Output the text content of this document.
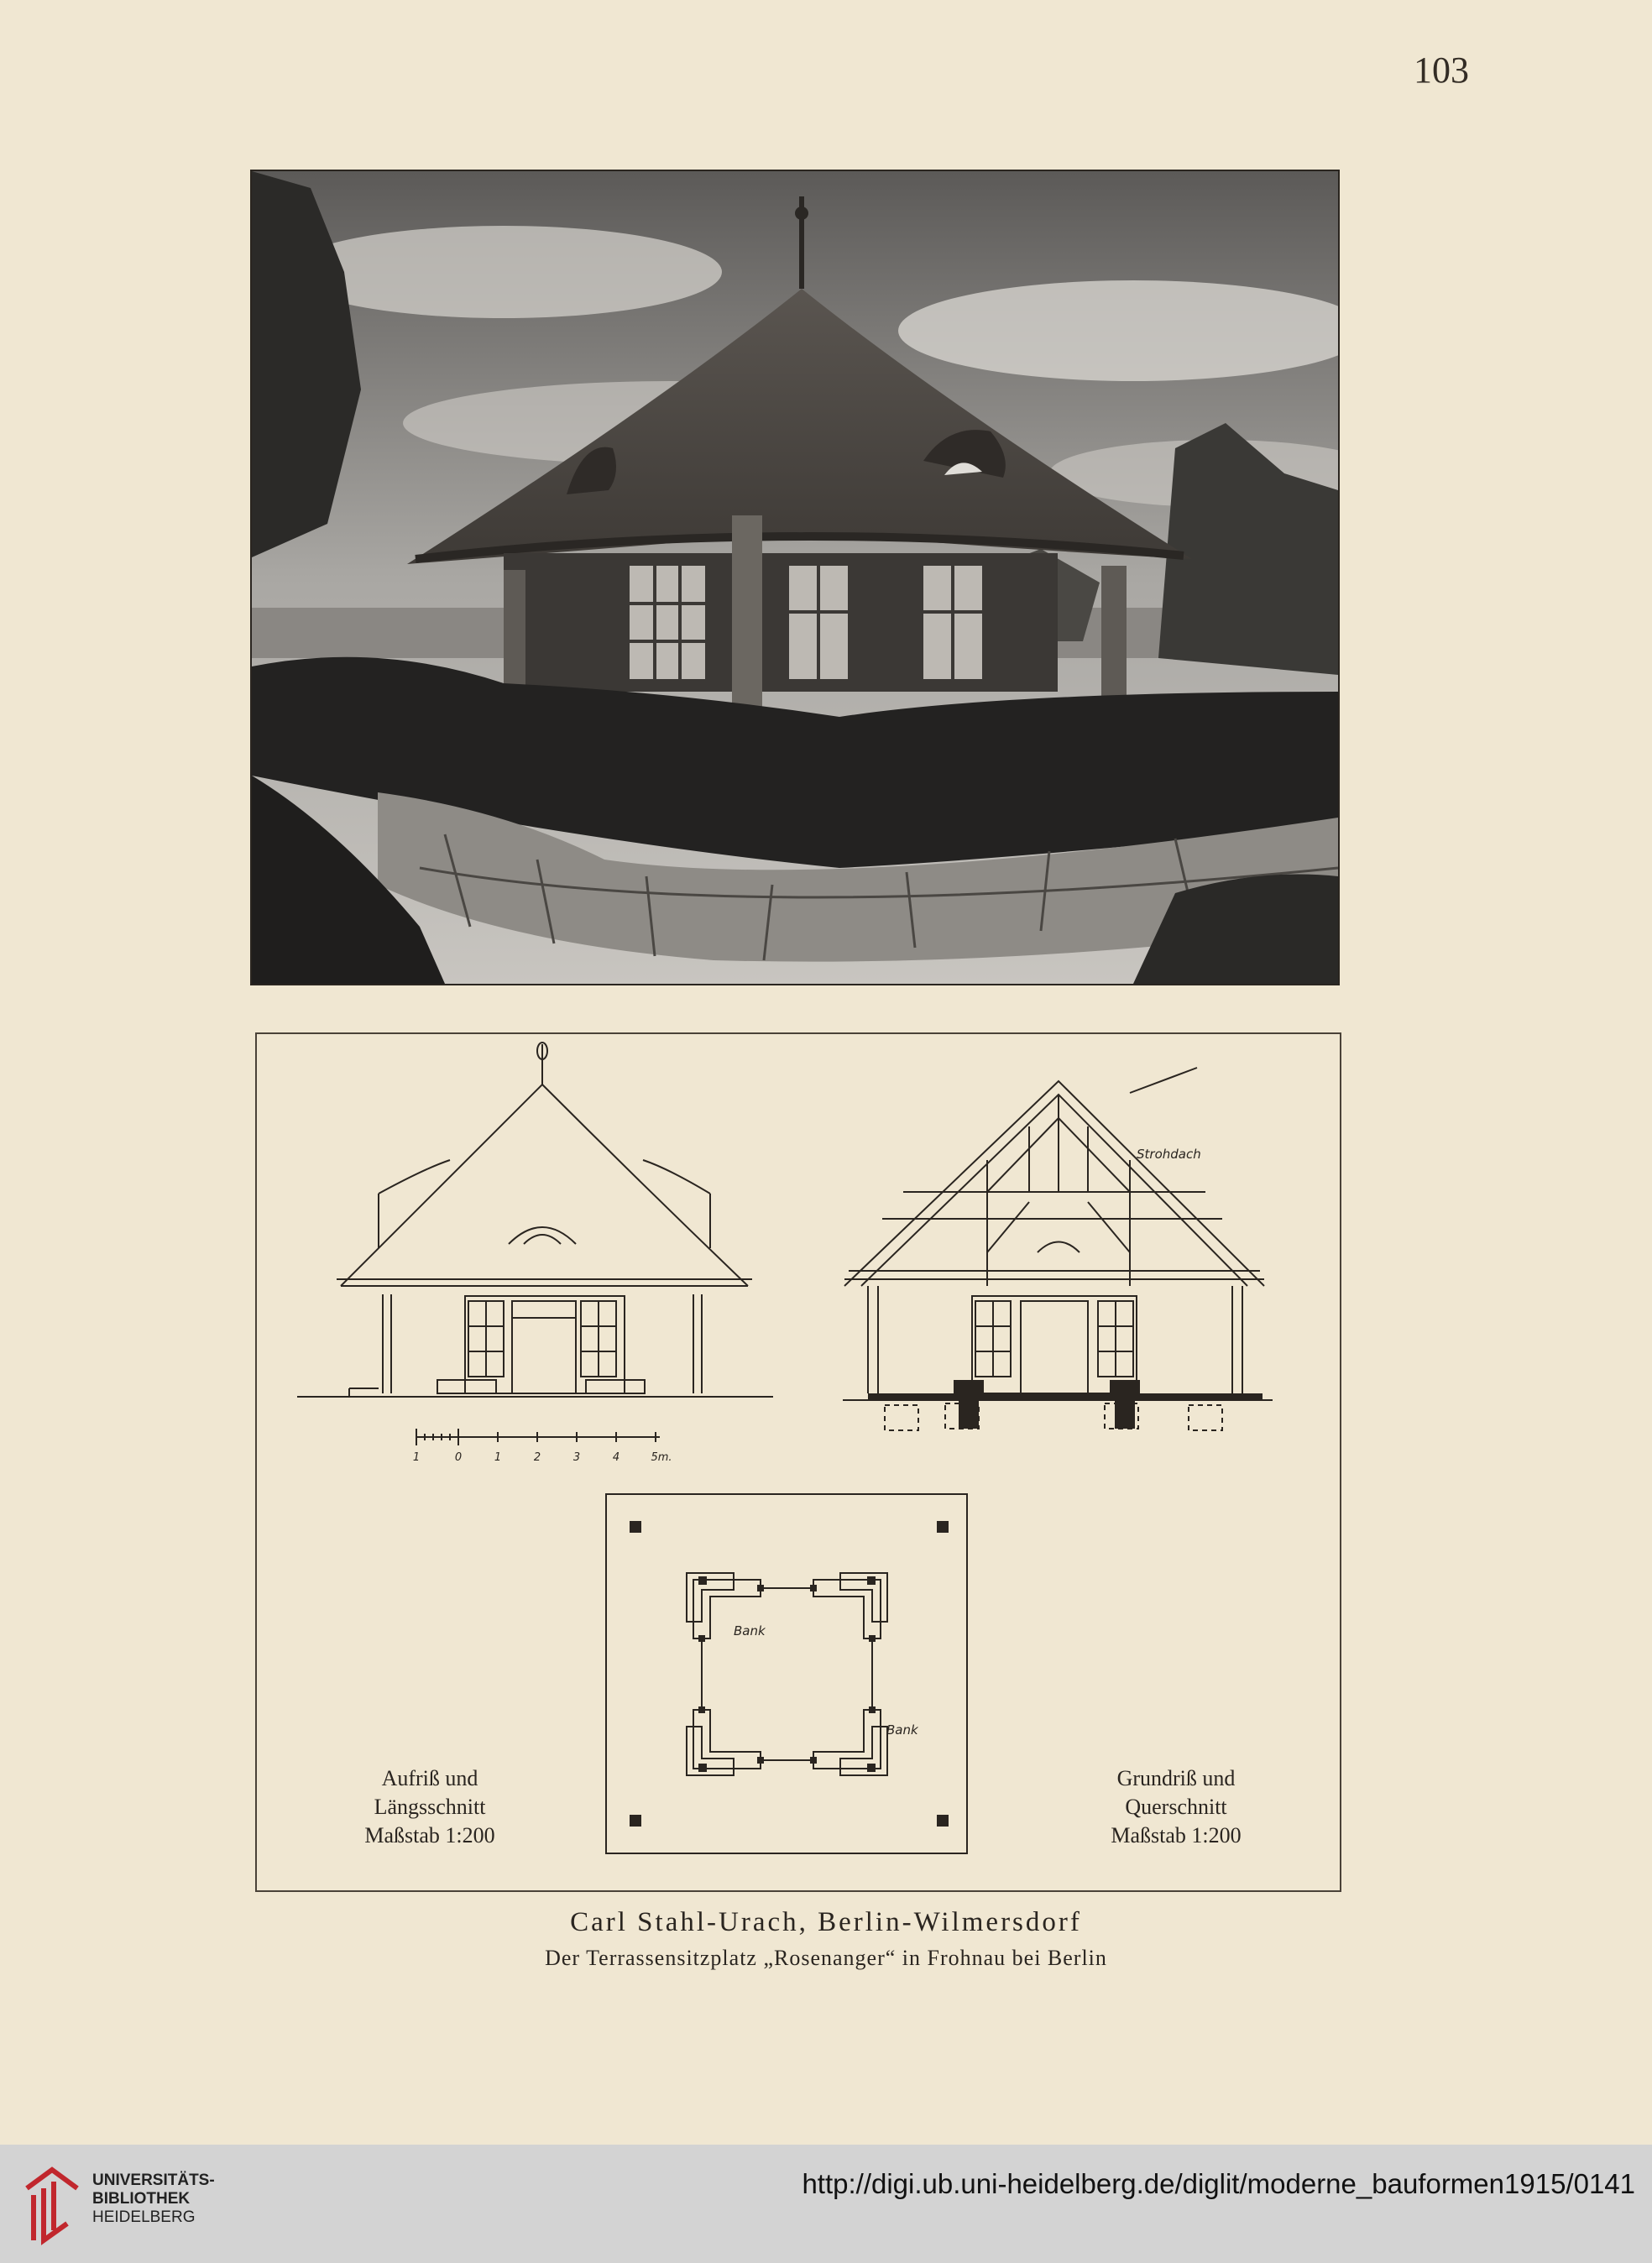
103
Strohdach
Bank
Bank
1	0	1	2	3	4	5m.
Aufriß und
Längsschnitt
Maßstab 1:200
Grundriß und
Querschnitt
Maßstab 1:200
Carl Stahl-Urach, Berlin-Wilmersdorf
Der Terrassensitzplatz „Rosenanger“ in Frohnau bei Berlin
UNIVERSITÄTS-
BIBLIOTHEK
HEIDELBERG
http://digi.ub.uni-heidelberg.de/diglit/moderne_bauformen1915/0141
